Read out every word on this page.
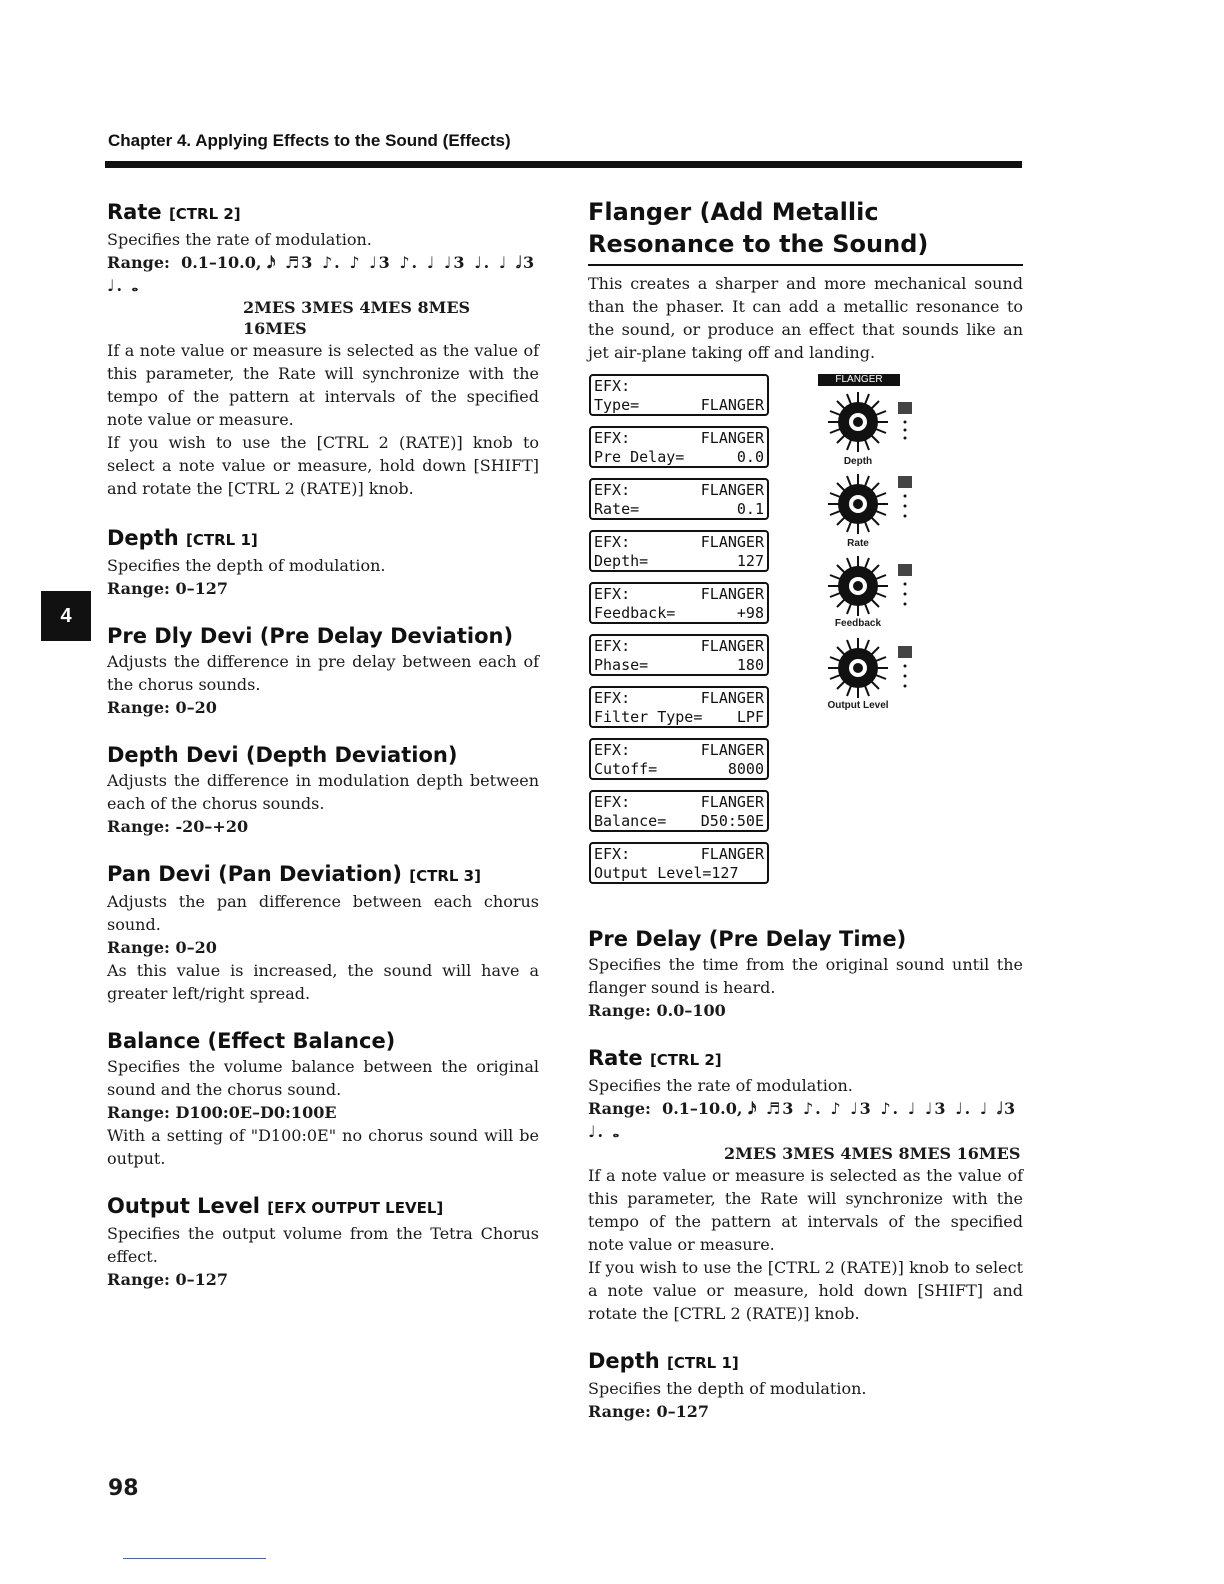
Chapter 4. Applying Effects to the Sound (Effects)
4
Rate [CTRL 2]

Specifies the rate of modulation.

Range: 0.1–10.0, 𝅘𝅥𝅯 ♬3 ♪. ♪ ♩3 ♪. ♩ ♩3 ♩. ♩ 𝅗𝅥3 ♩. 𝅝
2MES 3MES 4MES 8MES 16MES

If a note value or measure is selected as the value of this parameter, the Rate will synchronize with the tempo of the pattern at intervals of the specified note value or measure.

If you wish to use the [CTRL 2 (RATE)] knob to select a note value or measure, hold down [SHIFT] and rotate the [CTRL 2 (RATE)] knob.

Depth [CTRL 1]

Specifies the depth of modulation.

Range: 0–127
Pre Dly Devi (Pre Delay Deviation)

Adjusts the difference in pre delay between each of the chorus sounds.

Range: 0–20
Depth Devi (Depth Deviation)

Adjusts the difference in modulation depth between each of the chorus sounds.

Range: -20–+20
Pan Devi (Pan Deviation) [CTRL 3]

Adjusts the pan difference between each chorus sound.

Range: 0–20

As this value is increased, the sound will have a greater left/right spread.

Balance (Effect Balance)

Specifies the volume balance between the original sound and the chorus sound.

Range: D100:0E–D0:100E

With a setting of "D100:0E" no chorus sound will be output.

Output Level [EFX OUTPUT LEVEL]

Specifies the output volume from the Tetra Chorus effect.

Range: 0–127
Flanger (Add Metallic Resonance to the Sound)

This creates a sharper and more mechanical sound than the phaser. It can add a metallic resonance to the sound, or produce an effect that sounds like an jet air-plane taking off and landing.

EFX:
Type=	FLANGER
EFX:	FLANGER
Pre Delay=	0.0
EFX:	FLANGER
Rate=	0.1
EFX:	FLANGER
Depth=	127
EFX:	FLANGER
Feedback=	+98
EFX:	FLANGER
Phase=	180
EFX:	FLANGER
Filter Type= LPF
EFX:	FLANGER
Cutoff=	8000
EFX:	FLANGER
Balance= D50:50E
EFX:	FLANGER
Output Level=127
FLANGER
Depth
Rate
Feedback
Output Level
Pre Delay (Pre Delay Time)

Specifies the time from the original sound until the flanger sound is heard.

Range: 0.0–100
Rate [CTRL 2]

Specifies the rate of modulation.

Range: 0.1–10.0, 𝅘𝅥𝅯 ♬3 ♪. ♪ ♩3 ♪. ♩ ♩3 ♩. ♩ 𝅗𝅥3 ♩. 𝅝
2MES 3MES 4MES 8MES 16MES

If a note value or measure is selected as the value of this parameter, the Rate will synchronize with the tempo of the pattern at intervals of the specified note value or measure.

If you wish to use the [CTRL 2 (RATE)] knob to select a note value or measure, hold down [SHIFT] and rotate the [CTRL 2 (RATE)] knob.

Depth [CTRL 1]

Specifies the depth of modulation.

Range: 0–127
98
